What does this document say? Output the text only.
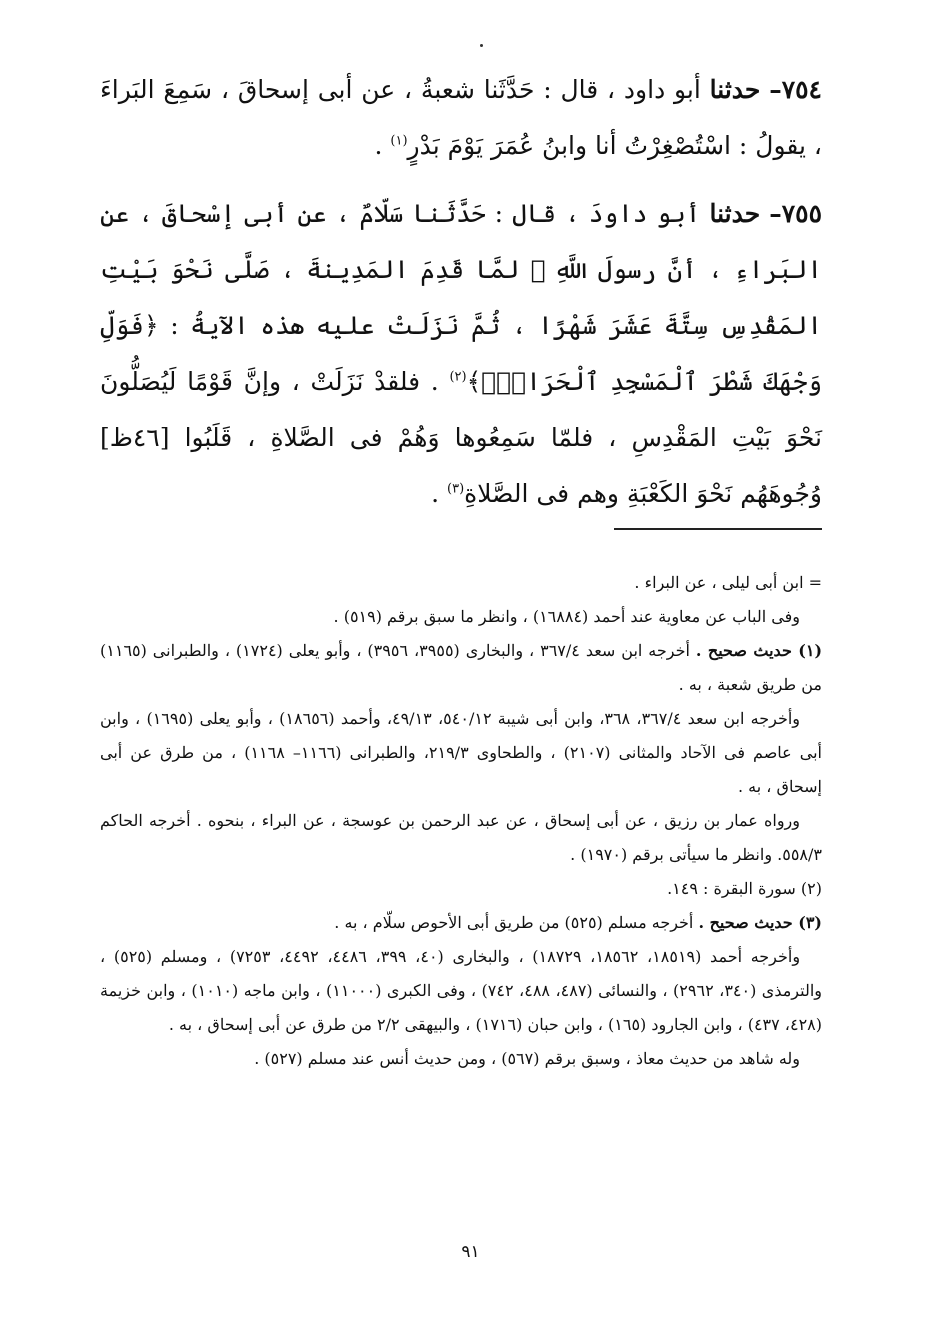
٧٥٤– حدثنا أبو داود ، قال : حَدَّثَنا شعبةُ ، عن أبى إسحاقَ ، سَمِعَ البَراءَ ، يقولُ : اسْتُصْغِرْتُ أنا وابنُ عُمَرَ يَوْمَ بَدْرٍ$^{(١)}$ .

٧٥٥– حدثنا أبو داودَ ، قال : حَدَّثَنا سَلّامٌ ، عن أبى إسْحاقَ ، عن البَراءِ ، أنَّ رسولَ اللَّهِ ﷺ لمَّا قَدِمَ المَدِينةَ ، صَلَّى نَحْوَ بَيْتِ المَقْدِسِ سِتَّةَ عَشَرَ شَهْرًا ، ثُمَّ نَزَلَتْ عليه هذه الآيةُ : ﴿فَوَلِّ وَجْهَكَ شَطْرَ ٱلْمَسْجِدِ ٱلْحَرَامِۚ﴾$^{(٢)}$ . فلقدْ نَزَلَتْ ، وإنَّ قَوْمًا لَيُصَلُّونَ نَحْوَ بَيْتِ المَقْدِسِ ، فلمّا سَمِعُوها وَهُمْ فى الصَّلاةِ ، قَلَبُوا [٤٦ظ] وُجُوهَهُم نَحْوَ الكَعْبَةِ وهم فى الصَّلاةِ$^{(٣)}$ .

= ابن أبى ليلى ، عن البراء .

وفى الباب عن معاوية عند أحمد (١٦٨٨٤) ، وانظر ما سبق برقم (٥١٩) .

(١) حديث صحيح . أخرجه ابن سعد ٣٦٧/٤ ، والبخارى (٣٩٥٥، ٣٩٥٦) ، وأبو يعلى (١٧٢٤) ، والطبرانى (١١٦٥) من طريق شعبة ، به .

وأخرجه ابن سعد ٣٦٧/٤، ٣٦٨، وابن أبى شيبة ٥٤٠/١٢، ٤٩/١٣، وأحمد (١٨٦٥٦) ، وأبو يعلى (١٦٩٥) ، وابن أبى عاصم فى الآحاد والمثانى (٢١٠٧) ، والطحاوى ٢١٩/٣، والطبرانى (١١٦٦– ١١٦٨) ، من طرق عن أبى إسحاق ، به .

ورواه عمار بن رزيق ، عن أبى إسحاق ، عن عبد الرحمن بن عوسجة ، عن البراء ، بنحوه . أخرجه الحاكم ٥٥٨/٣. وانظر ما سيأتى برقم (١٩٧٠) .

(٢) سورة البقرة : ١٤٩.

(٣) حديث صحيح . أخرجه مسلم (٥٢٥) من طريق أبى الأحوص سلّام ، به .

وأخرجه أحمد (١٨٥١٩، ١٨٥٦٢، ١٨٧٢٩) ، والبخارى (٤٠، ٣٩٩، ٤٤٨٦، ٤٤٩٢، ٧٢٥٣) ، ومسلم (٥٢٥) ، والترمذى (٣٤٠، ٢٩٦٢) ، والنسائى (٤٨٧، ٤٨٨، ٧٤٢) ، وفى الكبرى (١١٠٠٠) ، وابن ماجه (١٠١٠) ، وابن خزيمة (٤٢٨، ٤٣٧) ، وابن الجارود (١٦٥) ، وابن حبان (١٧١٦) ، والبيهقى ٢/٢ من طرق عن أبى إسحاق ، به .

وله شاهد من حديث معاذ ، وسبق برقم (٥٦٧) ، ومن حديث أنس عند مسلم (٥٢٧) .

٩١
